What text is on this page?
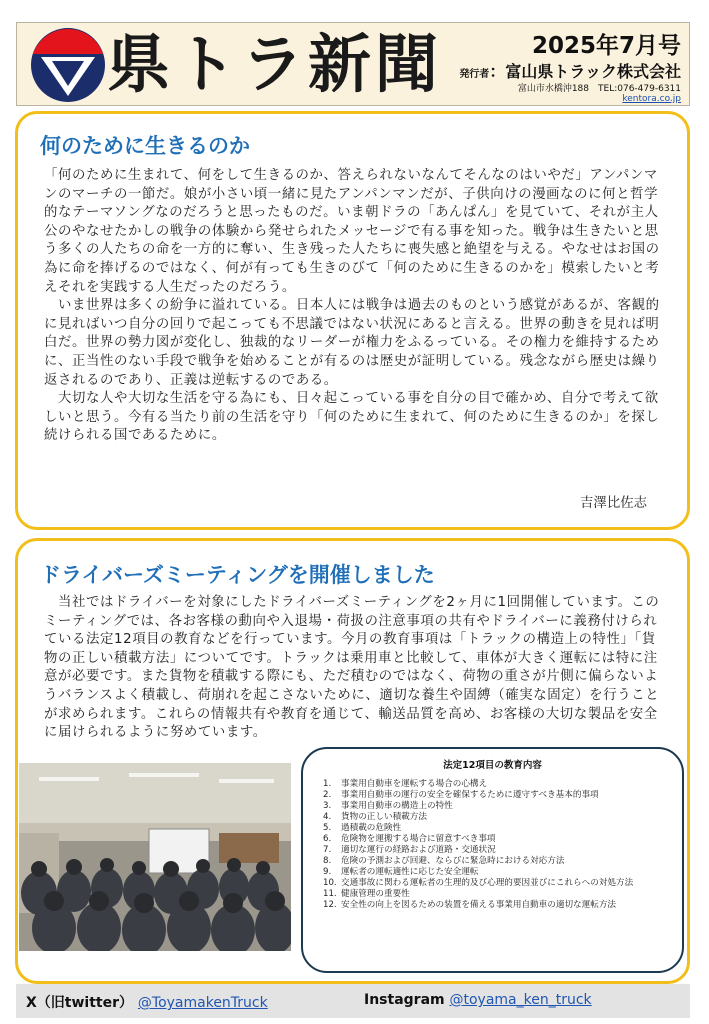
県トラ新聞	2025年7月号
発行者：富山県トラック株式会社
富山市水橋沖188　TEL:076-479-6311
kentora.co.jp
何のために生きるのか

「何のために生まれて、何をして生きるのか、答えられないなんてそんなのはいやだ」アンパンマンのマーチの一節だ。娘が小さい頃一緒に見たアンパンマンだが、子供向けの漫画なのに何と哲学的なテーマソングなのだろうと思ったものだ。いま朝ドラの「あんぱん」を見ていて、それが主人公のやなせたかしの戦争の体験から発せられたメッセージで有る事を知った。戦争は生きたいと思う多くの人たちの命を一方的に奪い、生き残った人たちに喪失感と絶望を与える。やなせはお国の為に命を捧げるのではなく、何が有っても生きのびて「何のために生きるのかを」模索したいと考えそれを実践する人生だったのだろう。

　いま世界は多くの紛争に溢れている。日本人には戦争は過去のものという感覚があるが、客観的に見ればいつ自分の回りで起こっても不思議ではない状況にあると言える。世界の動きを見れば明白だ。世界の勢力図が変化し、独裁的なリーダーが権力をふるっている。その権力を維持するために、正当性のない手段で戦争を始めることが有るのは歴史が証明している。残念ながら歴史は繰り返されるのであり、正義は逆転するのである。

　大切な人や大切な生活を守る為にも、日々起こっている事を自分の目で確かめ、自分で考えて欲しいと思う。今有る当たり前の生活を守り「何のために生まれて、何のために生きるのか」を探し続けられる国であるために。

吉澤比佐志
ドライバーズミーティングを開催しました

　当社ではドライバーを対象にしたドライバーズミーティングを2ヶ月に1回開催しています。このミーティングでは、各お客様の動向や入退場・荷扱の注意事項の共有やドライバーに義務付けられている法定12項目の教育などを行っています。今月の教育事項は「トラックの構造上の特性」「貨物の正しい積載方法」についてです。トラックは乗用車と比較して、車体が大きく運転には特に注意が必要です。また貨物を積載する際にも、ただ積むのではなく、荷物の重さが片側に偏らないようバランスよく積載し、荷崩れを起こさないために、適切な養生や固縛（確実な固定）を行うことが求められます。これらの情報共有や教育を通じて、輸送品質を高め、お客様の大切な製品を安全に届けられるように努めています。

法定12項目の教育内容
1.	事業用自動車を運転する場合の心構え
2.	事業用自動車の運行の安全を確保するために遵守すべき基本的事項
3.	事業用自動車の構造上の特性
4.	貨物の正しい積載方法
5.	過積載の危険性
6.	危険物を運搬する場合に留意すべき事項
7.	適切な運行の経路および道路・交通状況
8.	危険の予測および回避、ならびに緊急時における対応方法
9.	運転者の運転適性に応じた安全運転
10. 交通事故に関わる運転者の生理的及び心理的要因並びにこれらへの対処方法
11. 健康管理の重要性
12. 安全性の向上を図るための装置を備える事業用自動車の適切な運転方法
X（旧twitter） @ToyamakenTruck	Instagram @toyama_ken_truck
